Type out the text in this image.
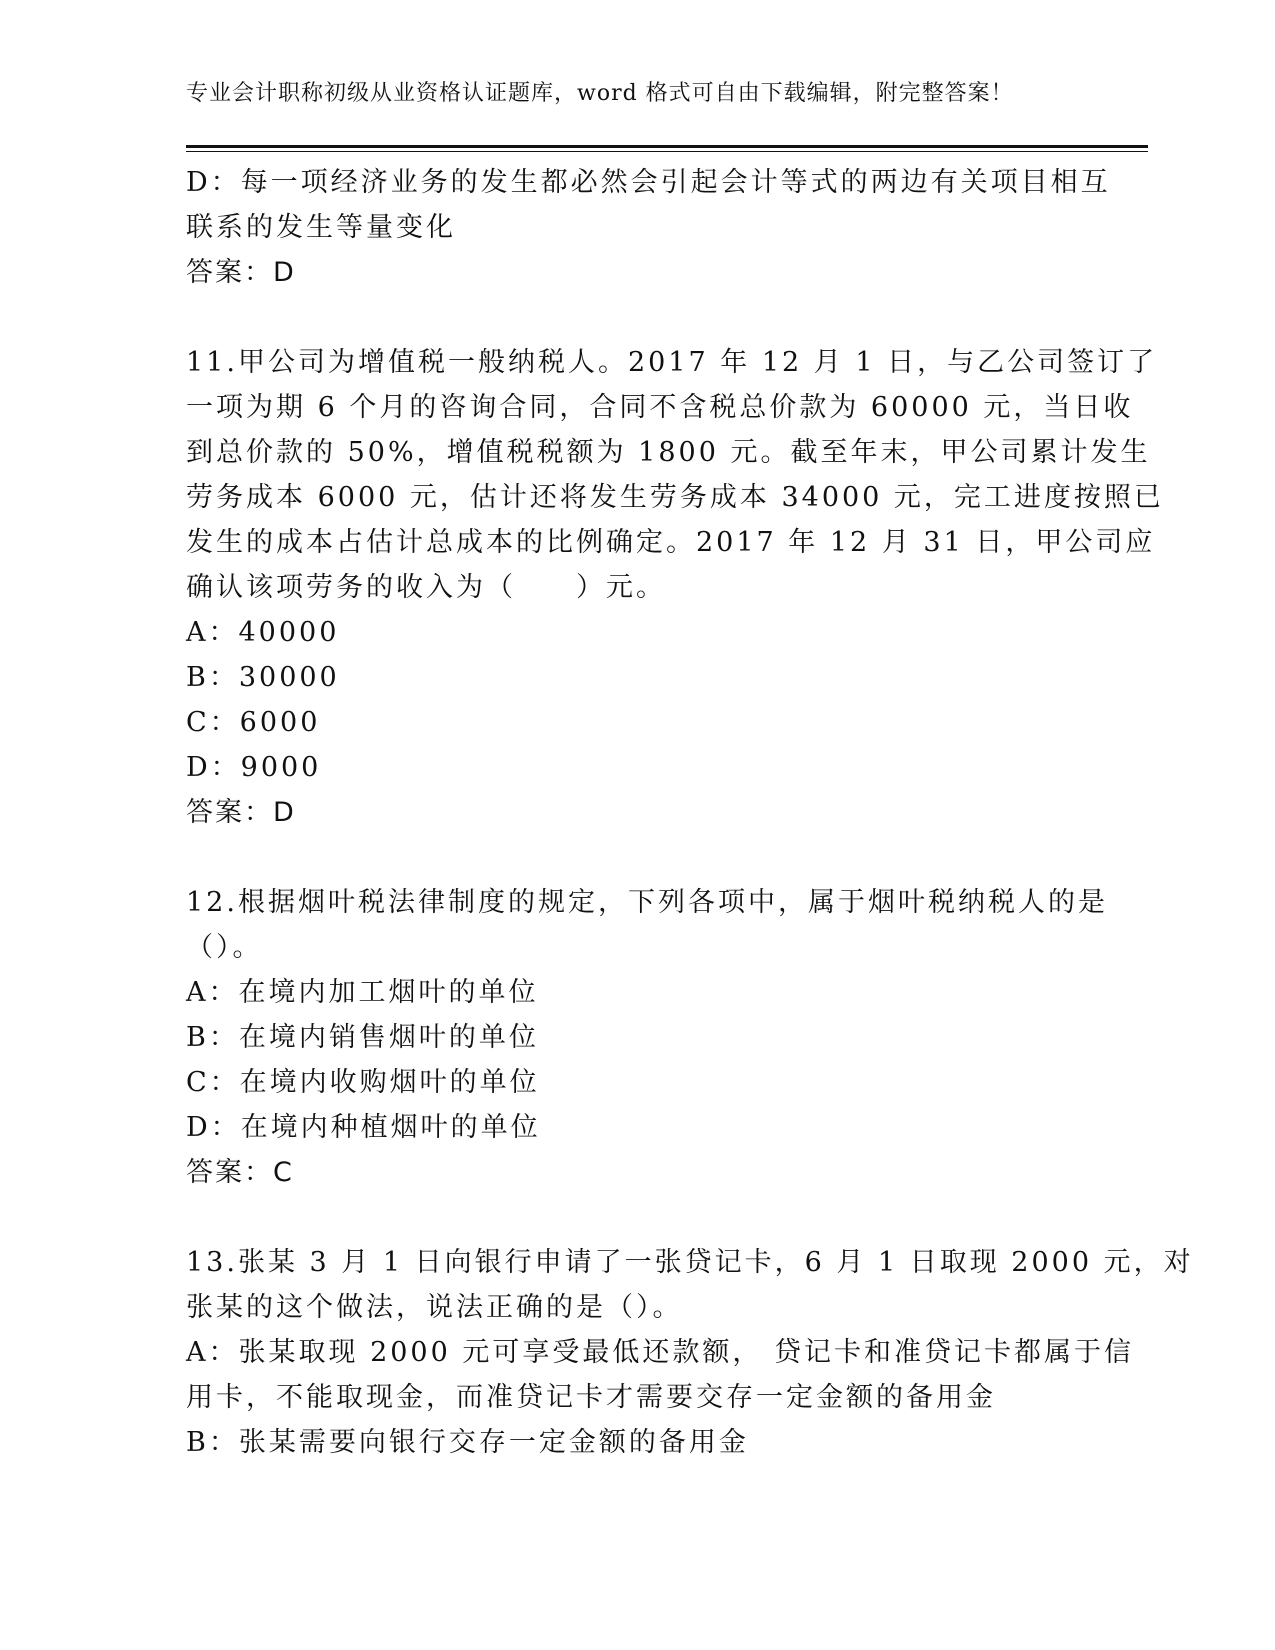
专业会计职称初级从业资格认证题库，word 格式可自由下载编辑，附完整答案！
D：每一项经济业务的发生都必然会引起会计等式的两边有关项目相互
联系的发生等量变化
答案：D
11.甲公司为增值税一般纳税人。2017 年 12 月 1 日，与乙公司签订了
一项为期 6 个月的咨询合同，合同不含税总价款为 60000 元，当日收
到总价款的 50%，增值税税额为 1800 元。截至年末，甲公司累计发生
劳务成本 6000 元，估计还将发生劳务成本 34000 元，完工进度按照已
发生的成本占估计总成本的比例确定。2017 年 12 月 31 日，甲公司应
确认该项劳务的收入为（　　）元。
A：40000
B：30000
C：6000
D：9000
答案：D
12.根据烟叶税法律制度的规定，下列各项中，属于烟叶税纳税人的是
（）。
A：在境内加工烟叶的单位
B：在境内销售烟叶的单位
C：在境内收购烟叶的单位
D：在境内种植烟叶的单位
答案：C
13.张某 3 月 1 日向银行申请了一张贷记卡，6 月 1 日取现 2000 元，对
张某的这个做法，说法正确的是（）。
A：张某取现 2000 元可享受最低还款额， 贷记卡和准贷记卡都属于信
用卡，不能取现金，而准贷记卡才需要交存一定金额的备用金
B：张某需要向银行交存一定金额的备用金
